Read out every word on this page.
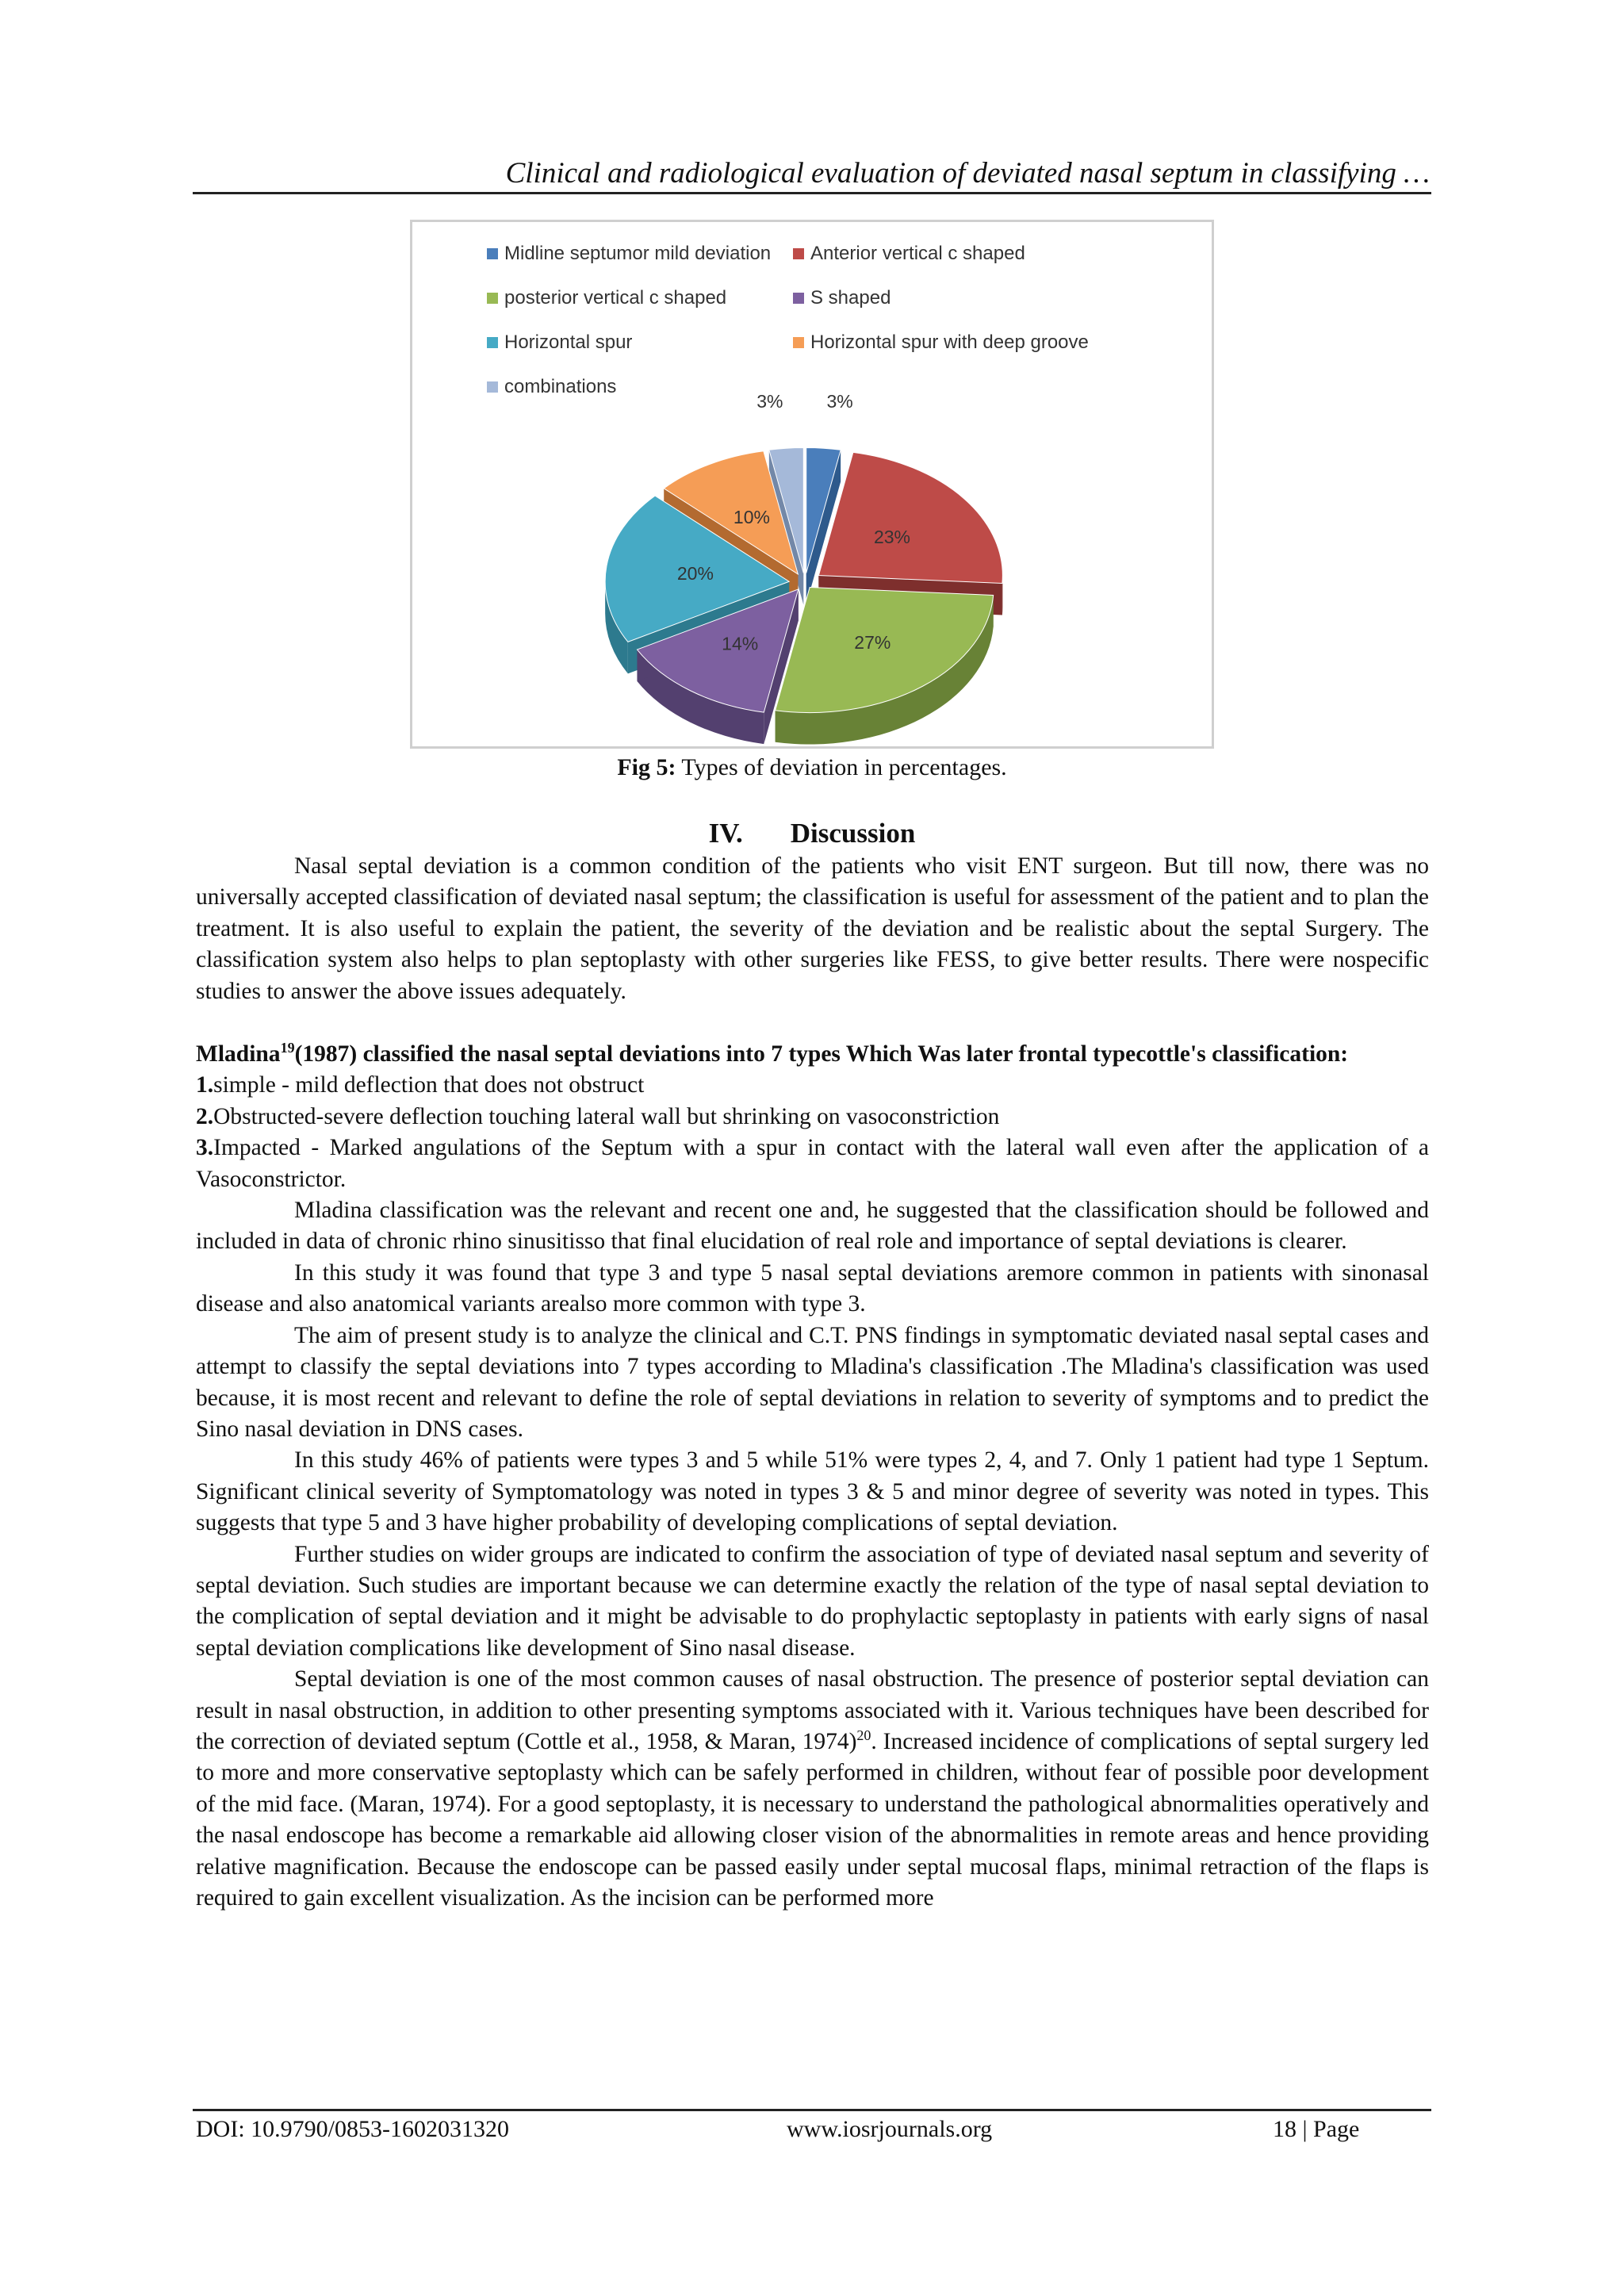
Clinical and radiological evaluation of deviated nasal septum in classifying …
Midline septumor mild deviation Anterior vertical c shaped
posterior vertical c shaped	S shaped
Horizontal spur	Horizontal spur with deep groove
combinations
3%
23%
27%
14%
20%
10%
3%
Fig 5: Types of deviation in percentages.
IV. Discussion

Nasal septal deviation is a common condition of the patients who visit ENT surgeon. But till now, there was no universally accepted classification of deviated nasal septum; the classification is useful for assessment of the patient and to plan the treatment. It is also useful to explain the patient, the severity of the deviation and be realistic about the septal Surgery. The classification system also helps to plan septoplasty with other surgeries like FESS, to give better results. There were nospecific studies to answer the above issues adequately.

Mladina$^{19}$(1987) classified the nasal septal deviations into 7 types Which Was later frontal typecottle's classification:

1.simple - mild deflection that does not obstruct

2.Obstructed-severe deflection touching lateral wall but shrinking on vasoconstriction

3.Impacted - Marked angulations of the Septum with a spur in contact with the lateral wall even after the application of a Vasoconstrictor.

Mladina classification was the relevant and recent one and, he suggested that the classification should be followed and included in data of chronic rhino sinusitisso that final elucidation of real role and importance of septal deviations is clearer.

In this study it was found that type 3 and type 5 nasal septal deviations aremore common in patients with sinonasal disease and also anatomical variants arealso more common with type 3.

The aim of present study is to analyze the clinical and C.T. PNS findings in symptomatic deviated nasal septal cases and attempt to classify the septal deviations into 7 types according to Mladina's classification .The Mladina's classification was used because, it is most recent and relevant to define the role of septal deviations in relation to severity of symptoms and to predict the Sino nasal deviation in DNS cases.

In this study 46% of patients were types 3 and 5 while 51% were types 2, 4, and 7. Only 1 patient had type 1 Septum. Significant clinical severity of Symptomatology was noted in types 3 & 5 and minor degree of severity was noted in types. This suggests that type 5 and 3 have higher probability of developing complications of septal deviation.

Further studies on wider groups are indicated to confirm the association of type of deviated nasal septum and severity of septal deviation. Such studies are important because we can determine exactly the relation of the type of nasal septal deviation to the complication of septal deviation and it might be advisable to do prophylactic septoplasty in patients with early signs of nasal septal deviation complications like development of Sino nasal disease.

Septal deviation is one of the most common causes of nasal obstruction. The presence of posterior septal deviation can result in nasal obstruction, in addition to other presenting symptoms associated with it. Various techniques have been described for the correction of deviated septum (Cottle et al., 1958, & Maran, 1974)$^{20}$. Increased incidence of complications of septal surgery led to more and more conservative septoplasty which can be safely performed in children, without fear of possible poor development of the mid face. (Maran, 1974). For a good septoplasty, it is necessary to understand the pathological abnormalities operatively and the nasal endoscope has become a remarkable aid allowing closer vision of the abnormalities in remote areas and hence providing relative magnification. Because the endoscope can be passed easily under septal mucosal flaps, minimal retraction of the flaps is required to gain excellent visualization. As the incision can be performed more

DOI: 10.9790/0853-1602031320	www.iosrjournals.org	18 | Page
